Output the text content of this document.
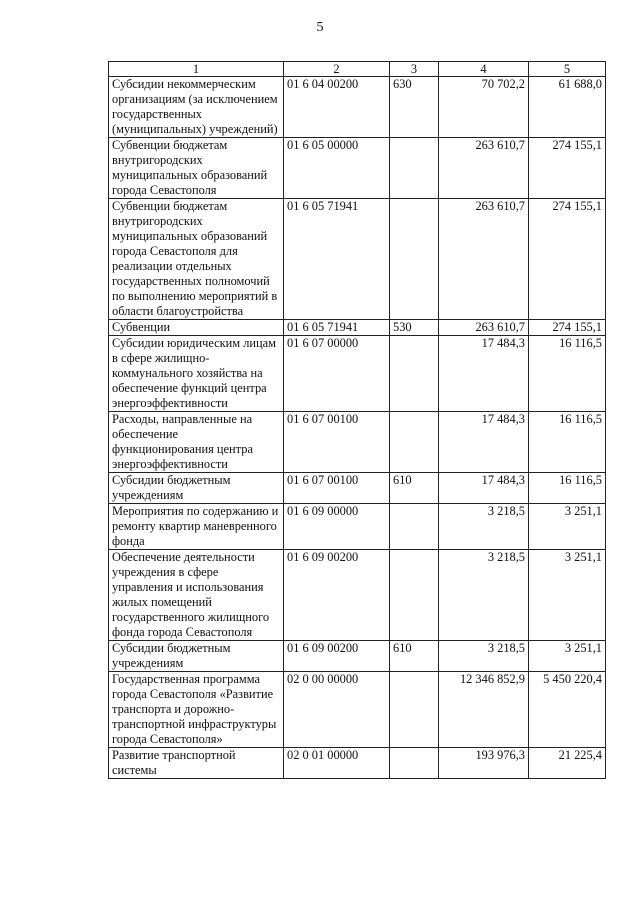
5
1	2	3	4	5
Субсидии некоммерческим организациям (за исключением государственных (муниципальных) учреждений)	01 6 04 00200	630	70 702,2	61 688,0
Субвенции бюджетам внутригородских муниципальных образований города Севастополя	01 6 05 00000		263 610,7	274 155,1
Субвенции бюджетам внутригородских муниципальных образований города Севастополя для реализации отдельных государственных полномочий по выполнению мероприятий в области благоустройства	01 6 05 71941		263 610,7	274 155,1
Субвенции	01 6 05 71941	530	263 610,7	274 155,1
Субсидии юридическим лицам в сфере жилищно-коммунального хозяйства на обеспечение функций центра энергоэффективности	01 6 07 00000		17 484,3	16 116,5
Расходы, направленные на обеспечение функционирования центра энергоэффективности	01 6 07 00100		17 484,3	16 116,5
Субсидии бюджетным учреждениям	01 6 07 00100	610	17 484,3	16 116,5
Мероприятия по содержанию и ремонту квартир маневренного фонда	01 6 09 00000		3 218,5	3 251,1
Обеспечение деятельности учреждения в сфере управления и использования жилых помещений государственного жилищного фонда города Севастополя	01 6 09 00200		3 218,5	3 251,1
Субсидии бюджетным учреждениям	01 6 09 00200	610	3 218,5	3 251,1
Государственная программа города Севастополя «Развитие транспорта и дорожно-транспортной инфраструктуры города Севастополя»	02 0 00 00000		12 346 852,9	5 450 220,4
Развитие транспортной системы	02 0 01 00000		193 976,3	21 225,4
